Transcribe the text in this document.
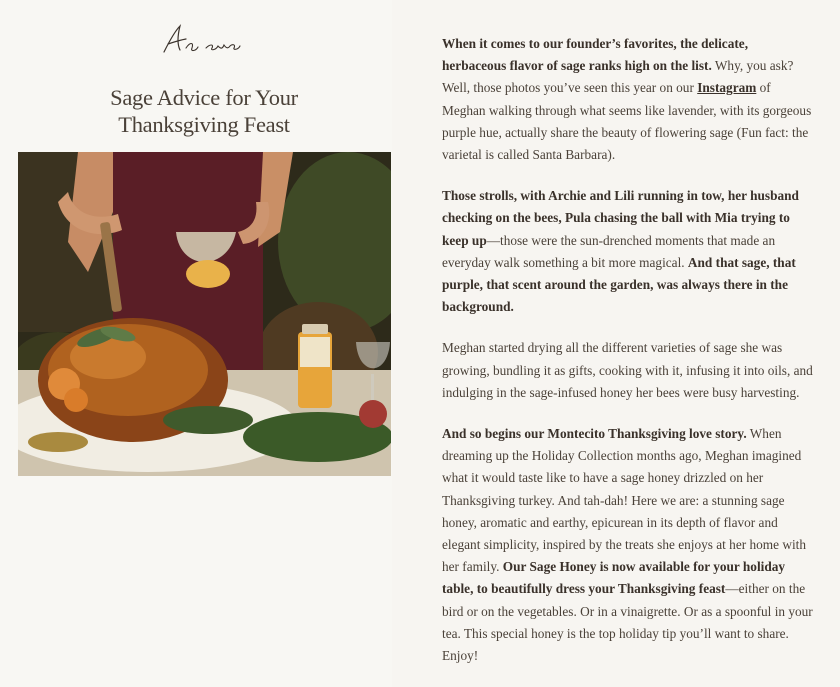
Sage Advice for Your
Thanksgiving Feast

When it comes to our founder’s favorites, the delicate, herbaceous flavor of sage ranks high on the list. Why, you ask? Well, those photos you’ve seen this year on our Instagram of Meghan walking through what seems like lavender, with its gorgeous purple hue, actually share the beauty of flowering sage (Fun fact: the varietal is called Santa Barbara).

Those strolls, with Archie and Lili running in tow, her husband checking on the bees, Pula chasing the ball with Mia trying to keep up—those were the sun-drenched moments that made an everyday walk something a bit more magical. And that sage, that purple, that scent around the garden, was always there in the background.

Meghan started drying all the different varieties of sage she was growing, bundling it as gifts, cooking with it, infusing it into oils, and indulging in the sage-infused honey her bees were busy harvesting.

And so begins our Montecito Thanksgiving love story. When dreaming up the Holiday Collection months ago, Meghan imagined what it would taste like to have a sage honey drizzled on her Thanksgiving turkey. And tah-dah! Here we are: a stunning sage honey, aromatic and earthy, epicurean in its depth of flavor and elegant simplicity, inspired by the treats she enjoys at her home with her family. Our Sage Honey is now available for your holiday table, to beautifully dress your Thanksgiving feast—either on the bird or on the vegetables. Or in a vinaigrette. Or as a spoonful in your tea. This special honey is the top holiday tip you’ll want to share. Enjoy!
